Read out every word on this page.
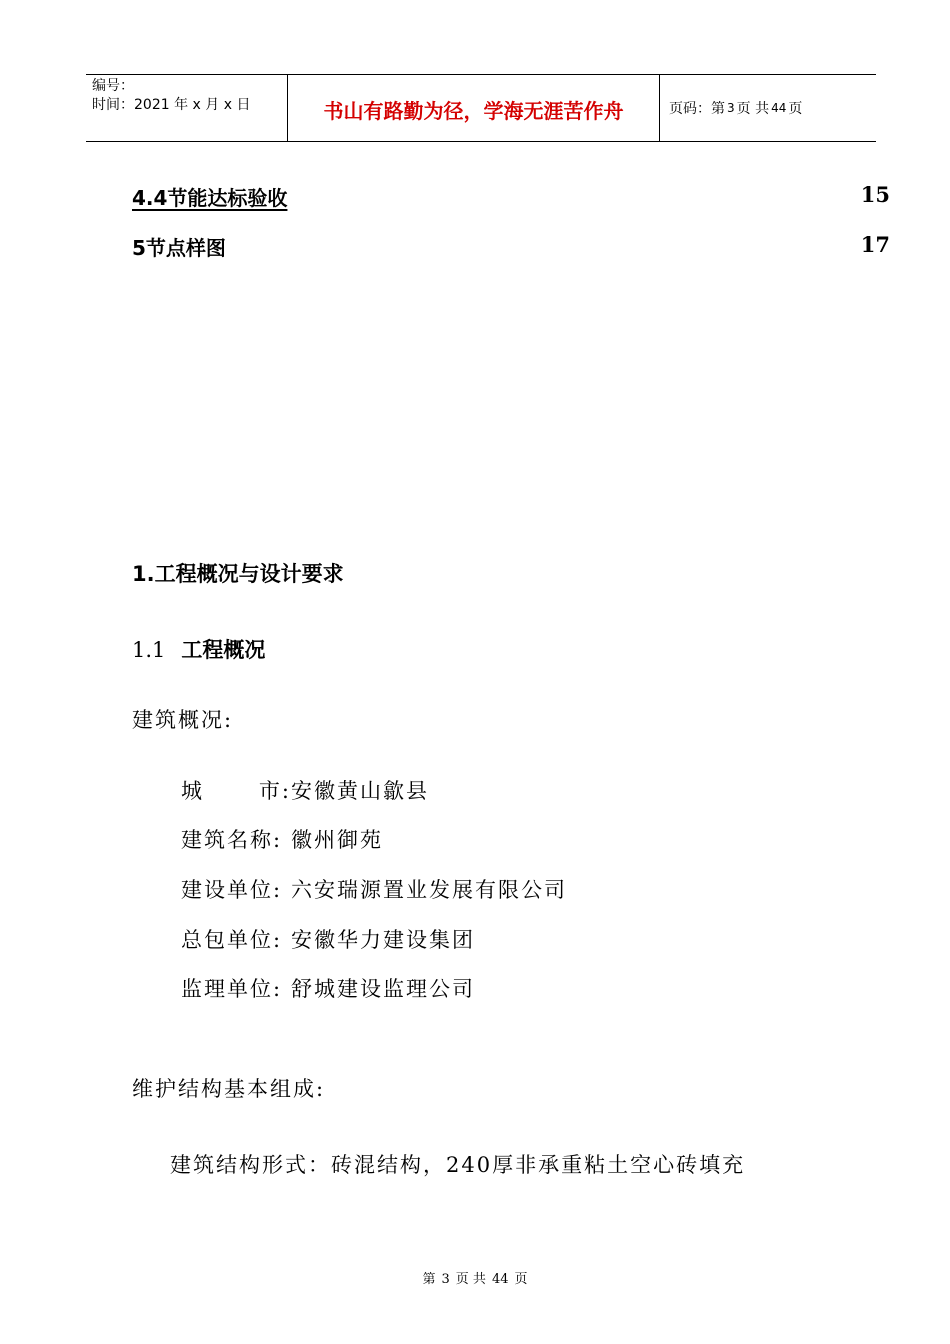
编号：
时间：2021 年 x 月 x 日	书山有路勤为径，学海无涯苦作舟	页码：第 3 页 共 44 页
4.4节能达标验收	15
5节点样图	17
1.工程概况与设计要求
1.1 工程概况
建筑概况:
城	市: 安徽黄山歙县
建筑名称: 徽州御苑
建设单位: 六安瑞源置业发展有限公司
总包单位: 安徽华力建设集团
监理单位: 舒城建设监理公司
维护结构基本组成:
建筑结构形式：砖混结构，240厚非承重粘土空心砖填充
第 3 页 共 44 页
